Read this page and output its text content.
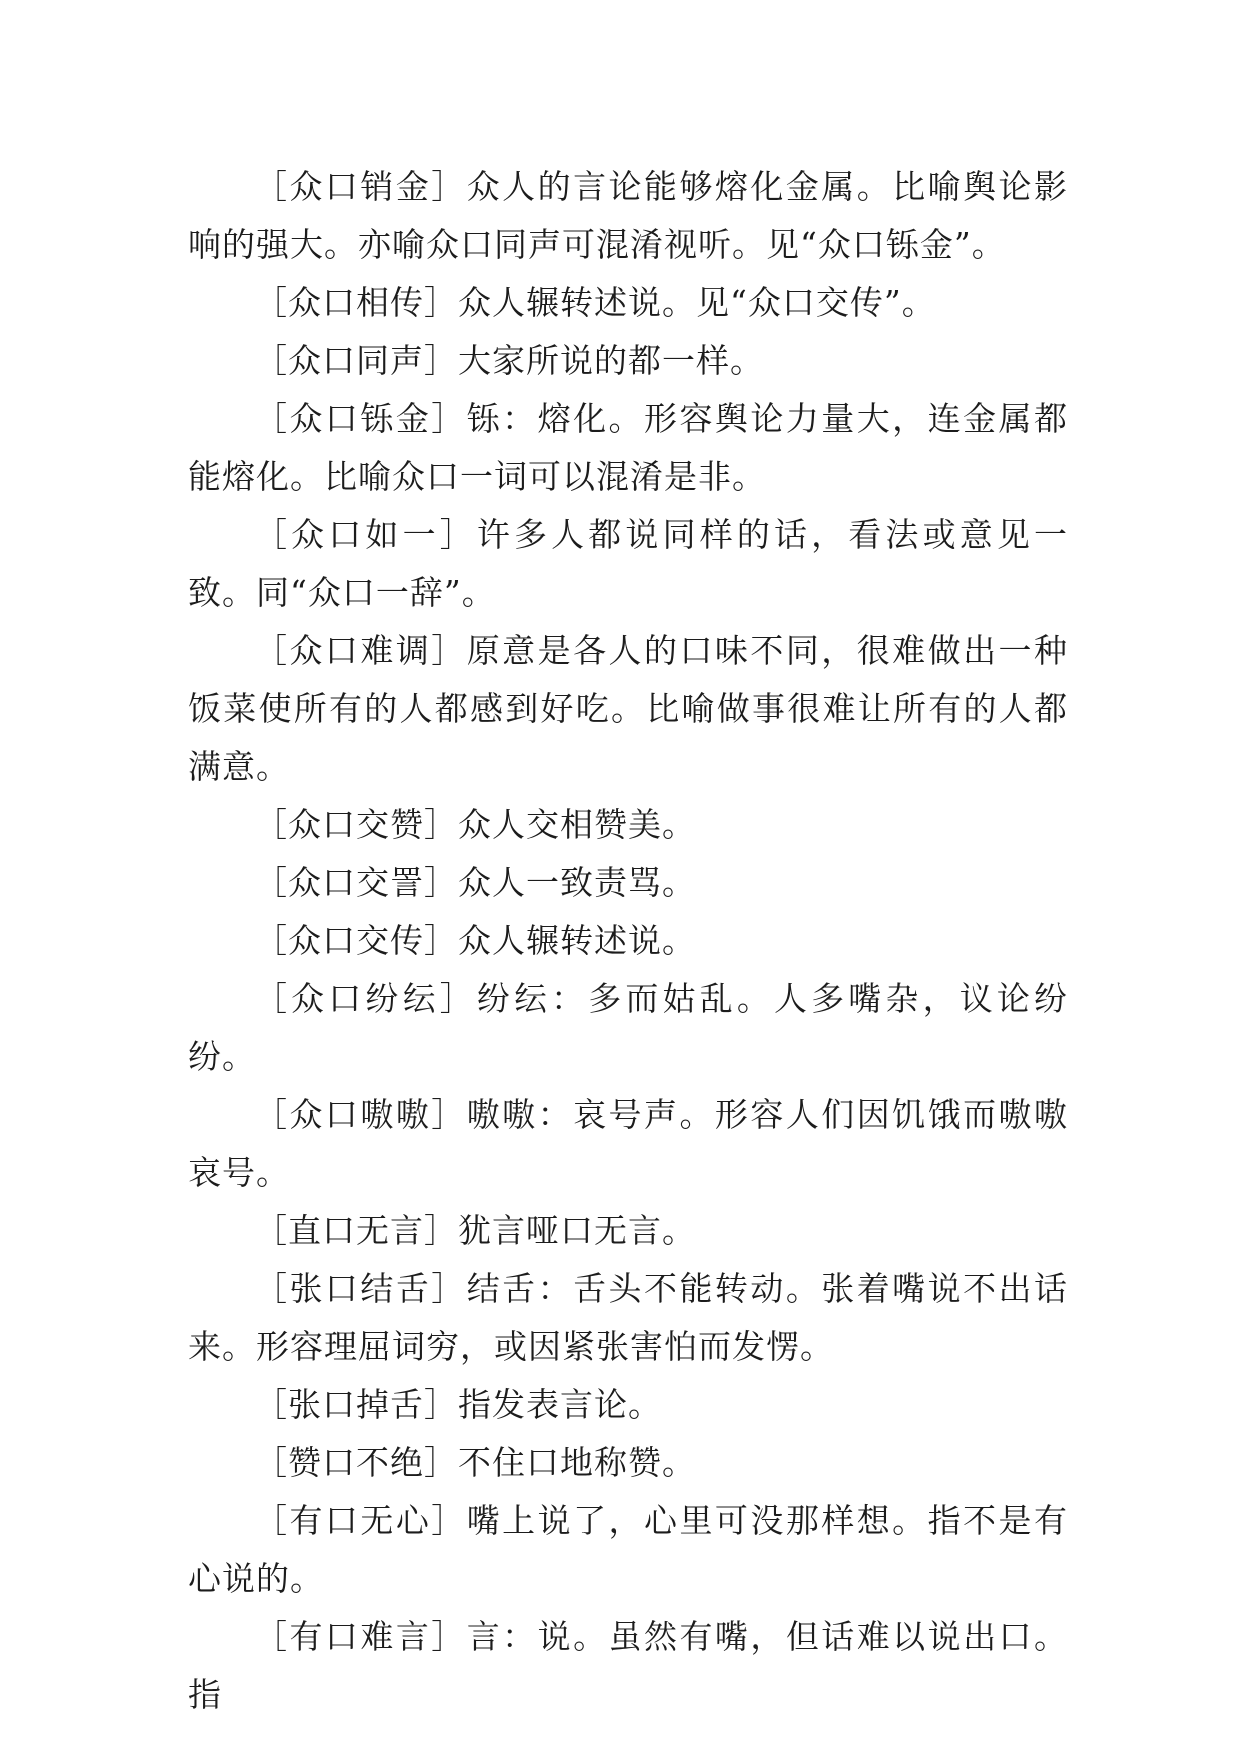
［众口销金］众人的言论能够熔化金属。比喻舆论影响的强大。亦喻众口同声可混淆视听。见“众口铄金”。

［众口相传］众人辗转述说。见“众口交传”。

［众口同声］大家所说的都一样。

［众口铄金］铄：熔化。形容舆论力量大，连金属都能熔化。比喻众口一词可以混淆是非。

［众口如一］许多人都说同样的话，看法或意见一致。同“众口一辞”。

［众口难调］原意是各人的口味不同，很难做出一种饭菜使所有的人都感到好吃。比喻做事很难让所有的人都满意。

［众口交赞］众人交相赞美。

［众口交詈］众人一致责骂。

［众口交传］众人辗转述说。

［众口纷纭］纷纭：多而姑乱。人多嘴杂，议论纷纷。

［众口嗷嗷］嗷嗷：哀号声。形容人们因饥饿而嗷嗷哀号。

［直口无言］犹言哑口无言。

［张口结舌］结舌：舌头不能转动。张着嘴说不出话来。形容理屈词穷，或因紧张害怕而发愣。

［张口掉舌］指发表言论。

［赞口不绝］不住口地称赞。

［有口无心］嘴上说了，心里可没那样想。指不是有心说的。

［有口难言］言：说。虽然有嘴，但话难以说出口。指
